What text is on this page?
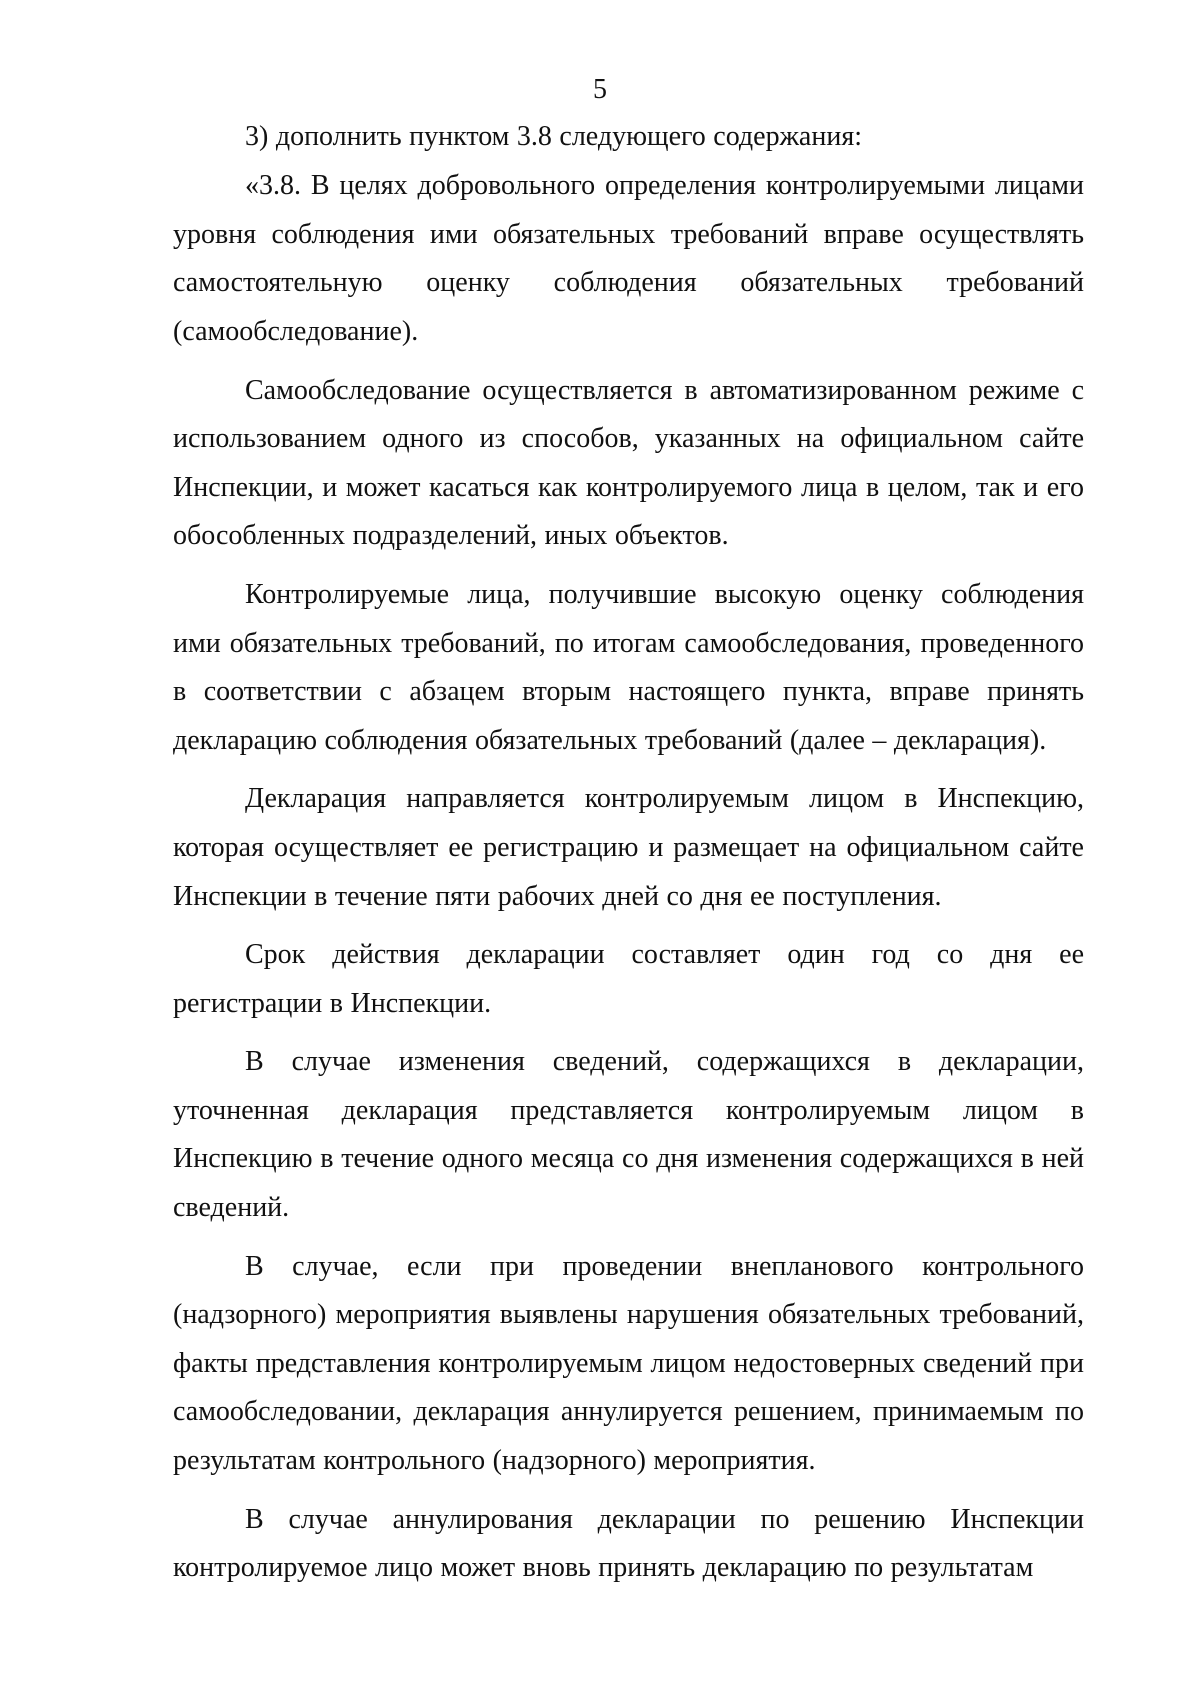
5

3) дополнить пунктом 3.8 следующего содержания:

«3.8. В целях добровольного определения контролируемыми лицами уровня соблюдения ими обязательных требований вправе осуществлять самостоятельную оценку соблюдения обязательных требований (самообследование).

Самообследование осуществляется в автоматизированном режиме с использованием одного из способов, указанных на официальном сайте Инспекции, и может касаться как контролируемого лица в целом, так и его обособленных подразделений, иных объектов.

Контролируемые лица, получившие высокую оценку соблюдения ими обязательных требований, по итогам самообследования, проведенного в соответствии с абзацем вторым настоящего пункта, вправе принять декларацию соблюдения обязательных требований (далее – декларация).

Декларация направляется контролируемым лицом в Инспекцию, которая осуществляет ее регистрацию и размещает на официальном сайте Инспекции в течение пяти рабочих дней со дня ее поступления.

Срок действия декларации составляет один год со дня ее регистрации в Инспекции.

В случае изменения сведений, содержащихся в декларации, уточненная декларация представляется контролируемым лицом в Инспекцию в течение одного месяца со дня изменения содержащихся в ней сведений.

В случае, если при проведении внепланового контрольного (надзорного) мероприятия выявлены нарушения обязательных требований, факты представления контролируемым лицом недостоверных сведений при самообследовании, декларация аннулируется решением, принимаемым по результатам контрольного (надзорного) мероприятия.

В случае аннулирования декларации по решению Инспекции контролируемое лицо может вновь принять декларацию по результатам
